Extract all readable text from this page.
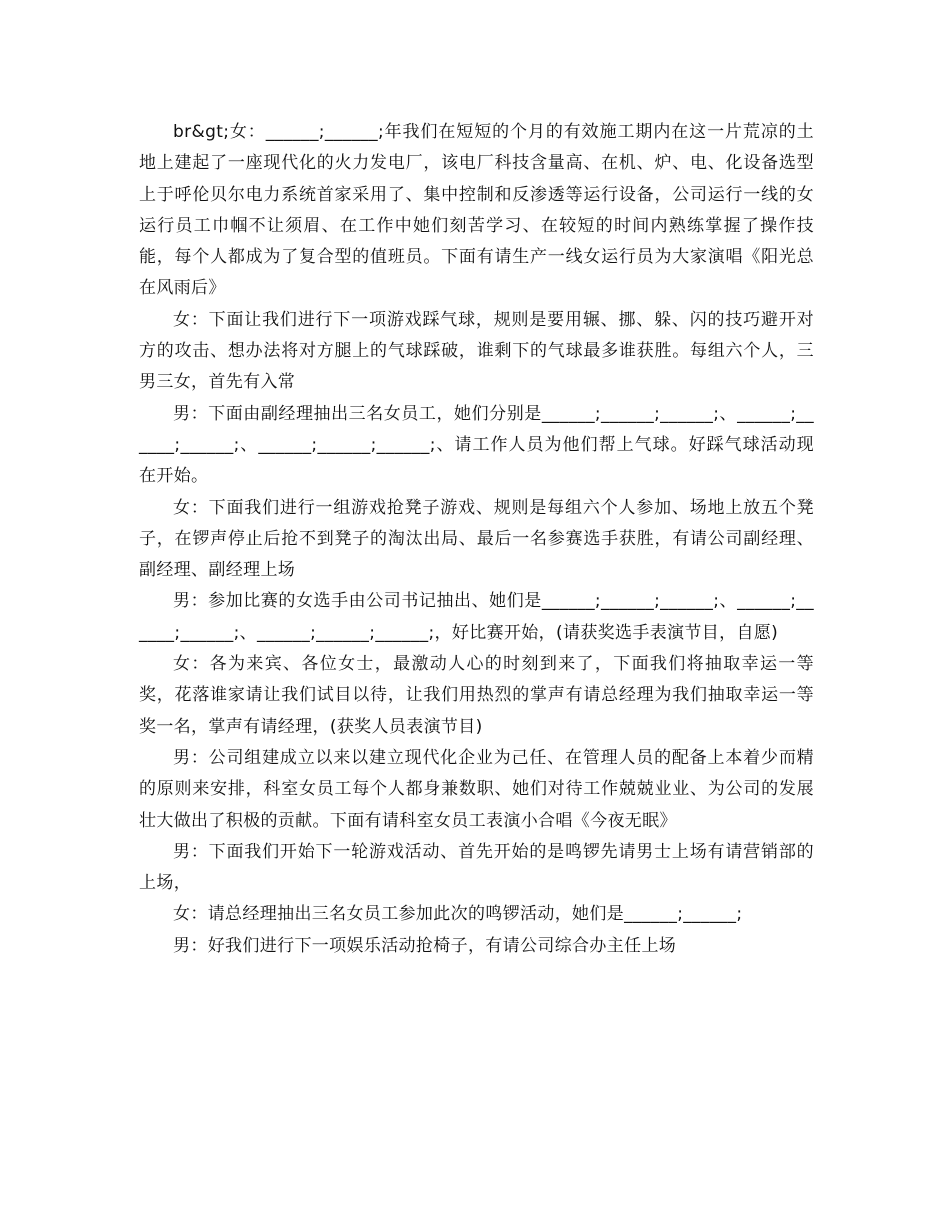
br&gt;女：______;______;年我们在短短的个月的有效施工期内在这一片荒凉的土地上建起了一座现代化的火力发电厂，该电厂科技含量高、在机、炉、电、化设备选型上于呼伦贝尔电力系统首家采用了、集中控制和反渗透等运行设备，公司运行一线的女运行员工巾帼不让须眉、在工作中她们刻苦学习、在较短的时间内熟练掌握了操作技能，每个人都成为了复合型的值班员。下面有请生产一线女运行员为大家演唱《阳光总在风雨后》

女：下面让我们进行下一项游戏踩气球，规则是要用辗、挪、躲、闪的技巧避开对方的攻击、想办法将对方腿上的气球踩破，谁剩下的气球最多谁获胜。每组六个人，三男三女，首先有入常

男：下面由副经理抽出三名女员工，她们分别是______;______;______;、______;______;______;、______;______;______;、请工作人员为他们帮上气球。好踩气球活动现在开始。

女：下面我们进行一组游戏抢凳子游戏、规则是每组六个人参加、场地上放五个凳子，在锣声停止后抢不到凳子的淘汰出局、最后一名参赛选手获胜，有请公司副经理、副经理、副经理上场

男：参加比赛的女选手由公司书记抽出、她们是______;______;______;、______;______;______;、______;______;______;，好比赛开始，(请获奖选手表演节目，自愿)

女：各为来宾、各位女士，最激动人心的时刻到来了，下面我们将抽取幸运一等奖，花落谁家请让我们试目以待，让我们用热烈的掌声有请总经理为我们抽取幸运一等奖一名，掌声有请经理，(获奖人员表演节目)

男：公司组建成立以来以建立现代化企业为己任、在管理人员的配备上本着少而精的原则来安排，科室女员工每个人都身兼数职、她们对待工作兢兢业业、为公司的发展壮大做出了积极的贡献。下面有请科室女员工表演小合唱《今夜无眠》

男：下面我们开始下一轮游戏活动、首先开始的是鸣锣先请男士上场有请营销部的上场，

女：请总经理抽出三名女员工参加此次的鸣锣活动，她们是______;______;

男：好我们进行下一项娱乐活动抢椅子，有请公司综合办主任上场
